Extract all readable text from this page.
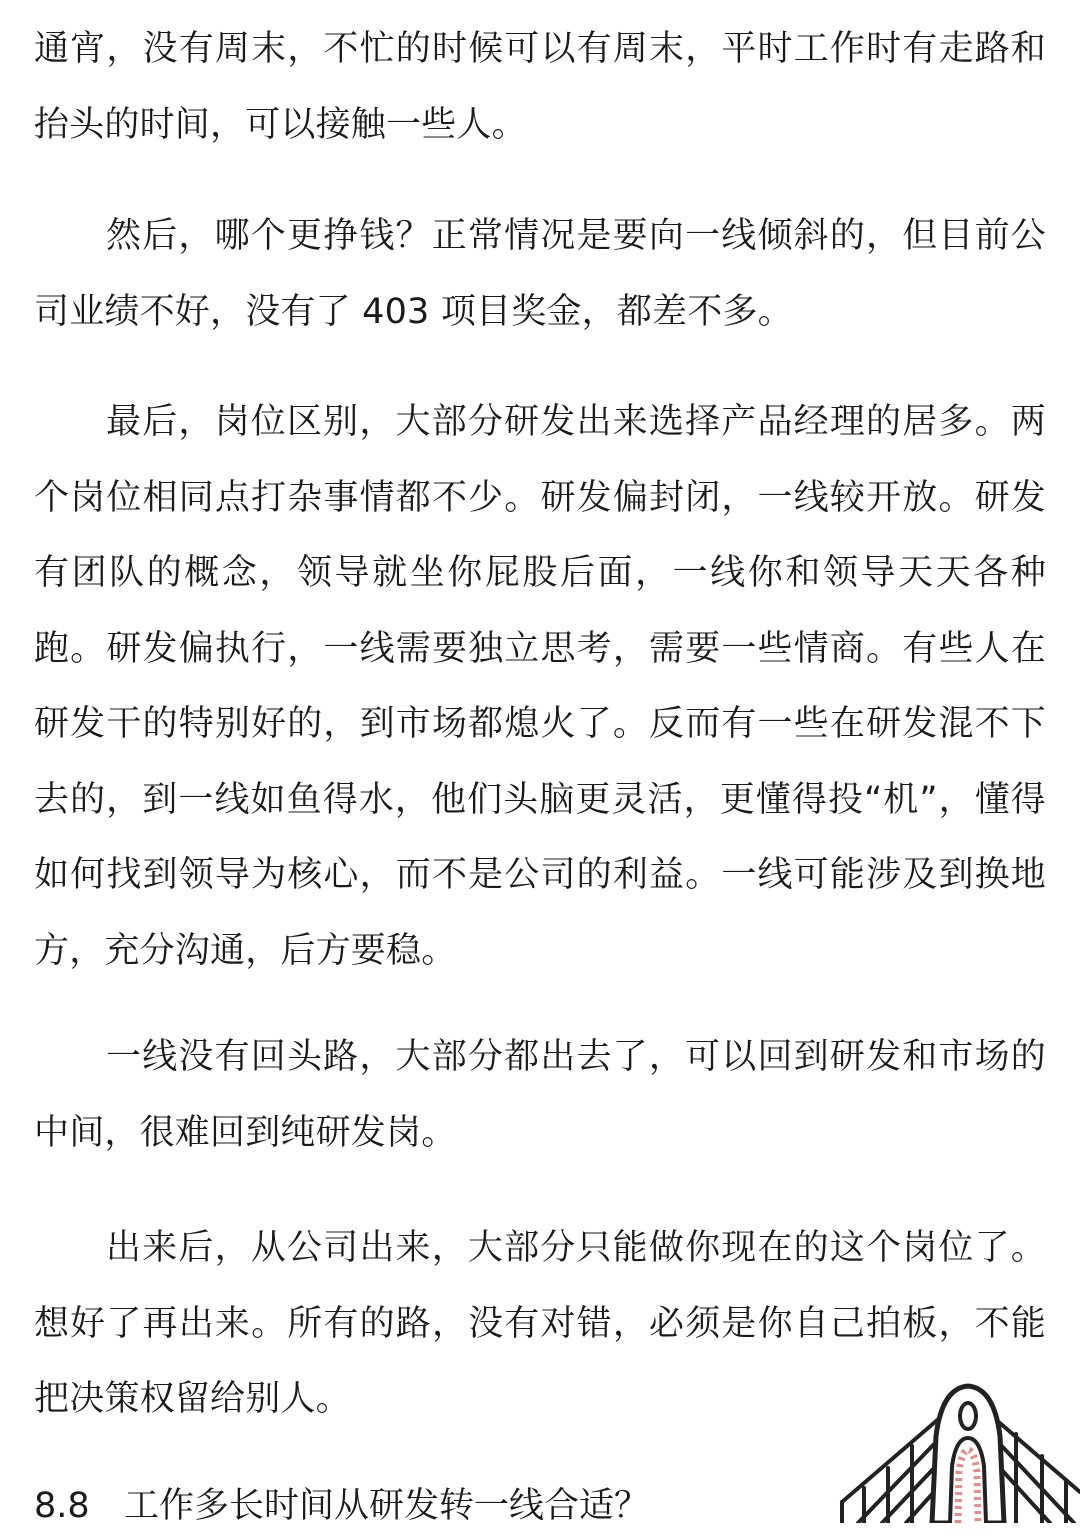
通宵，没有周末，不忙的时候可以有周末，平时工作时有走路和抬头的时间，可以接触一些人。

然后，哪个更挣钱？正常情况是要向一线倾斜的，但目前公司业绩不好，没有了 403 项目奖金，都差不多。

最后，岗位区别，大部分研发出来选择产品经理的居多。两个岗位相同点打杂事情都不少。研发偏封闭，一线较开放。研发有团队的概念，领导就坐你屁股后面，一线你和领导天天各种跑。研发偏执行，一线需要独立思考，需要一些情商。有些人在研发干的特别好的，到市场都熄火了。反而有一些在研发混不下去的，到一线如鱼得水，他们头脑更灵活，更懂得投“机”，懂得如何找到领导为核心，而不是公司的利益。一线可能涉及到换地方，充分沟通，后方要稳。

一线没有回头路，大部分都出去了，可以回到研发和市场的中间，很难回到纯研发岗。

出来后，从公司出来，大部分只能做你现在的这个岗位了。想好了再出来。所有的路，没有对错，必须是你自己拍板，不能把决策权留给别人。

8.8 工作多长时间从研发转一线合适？
